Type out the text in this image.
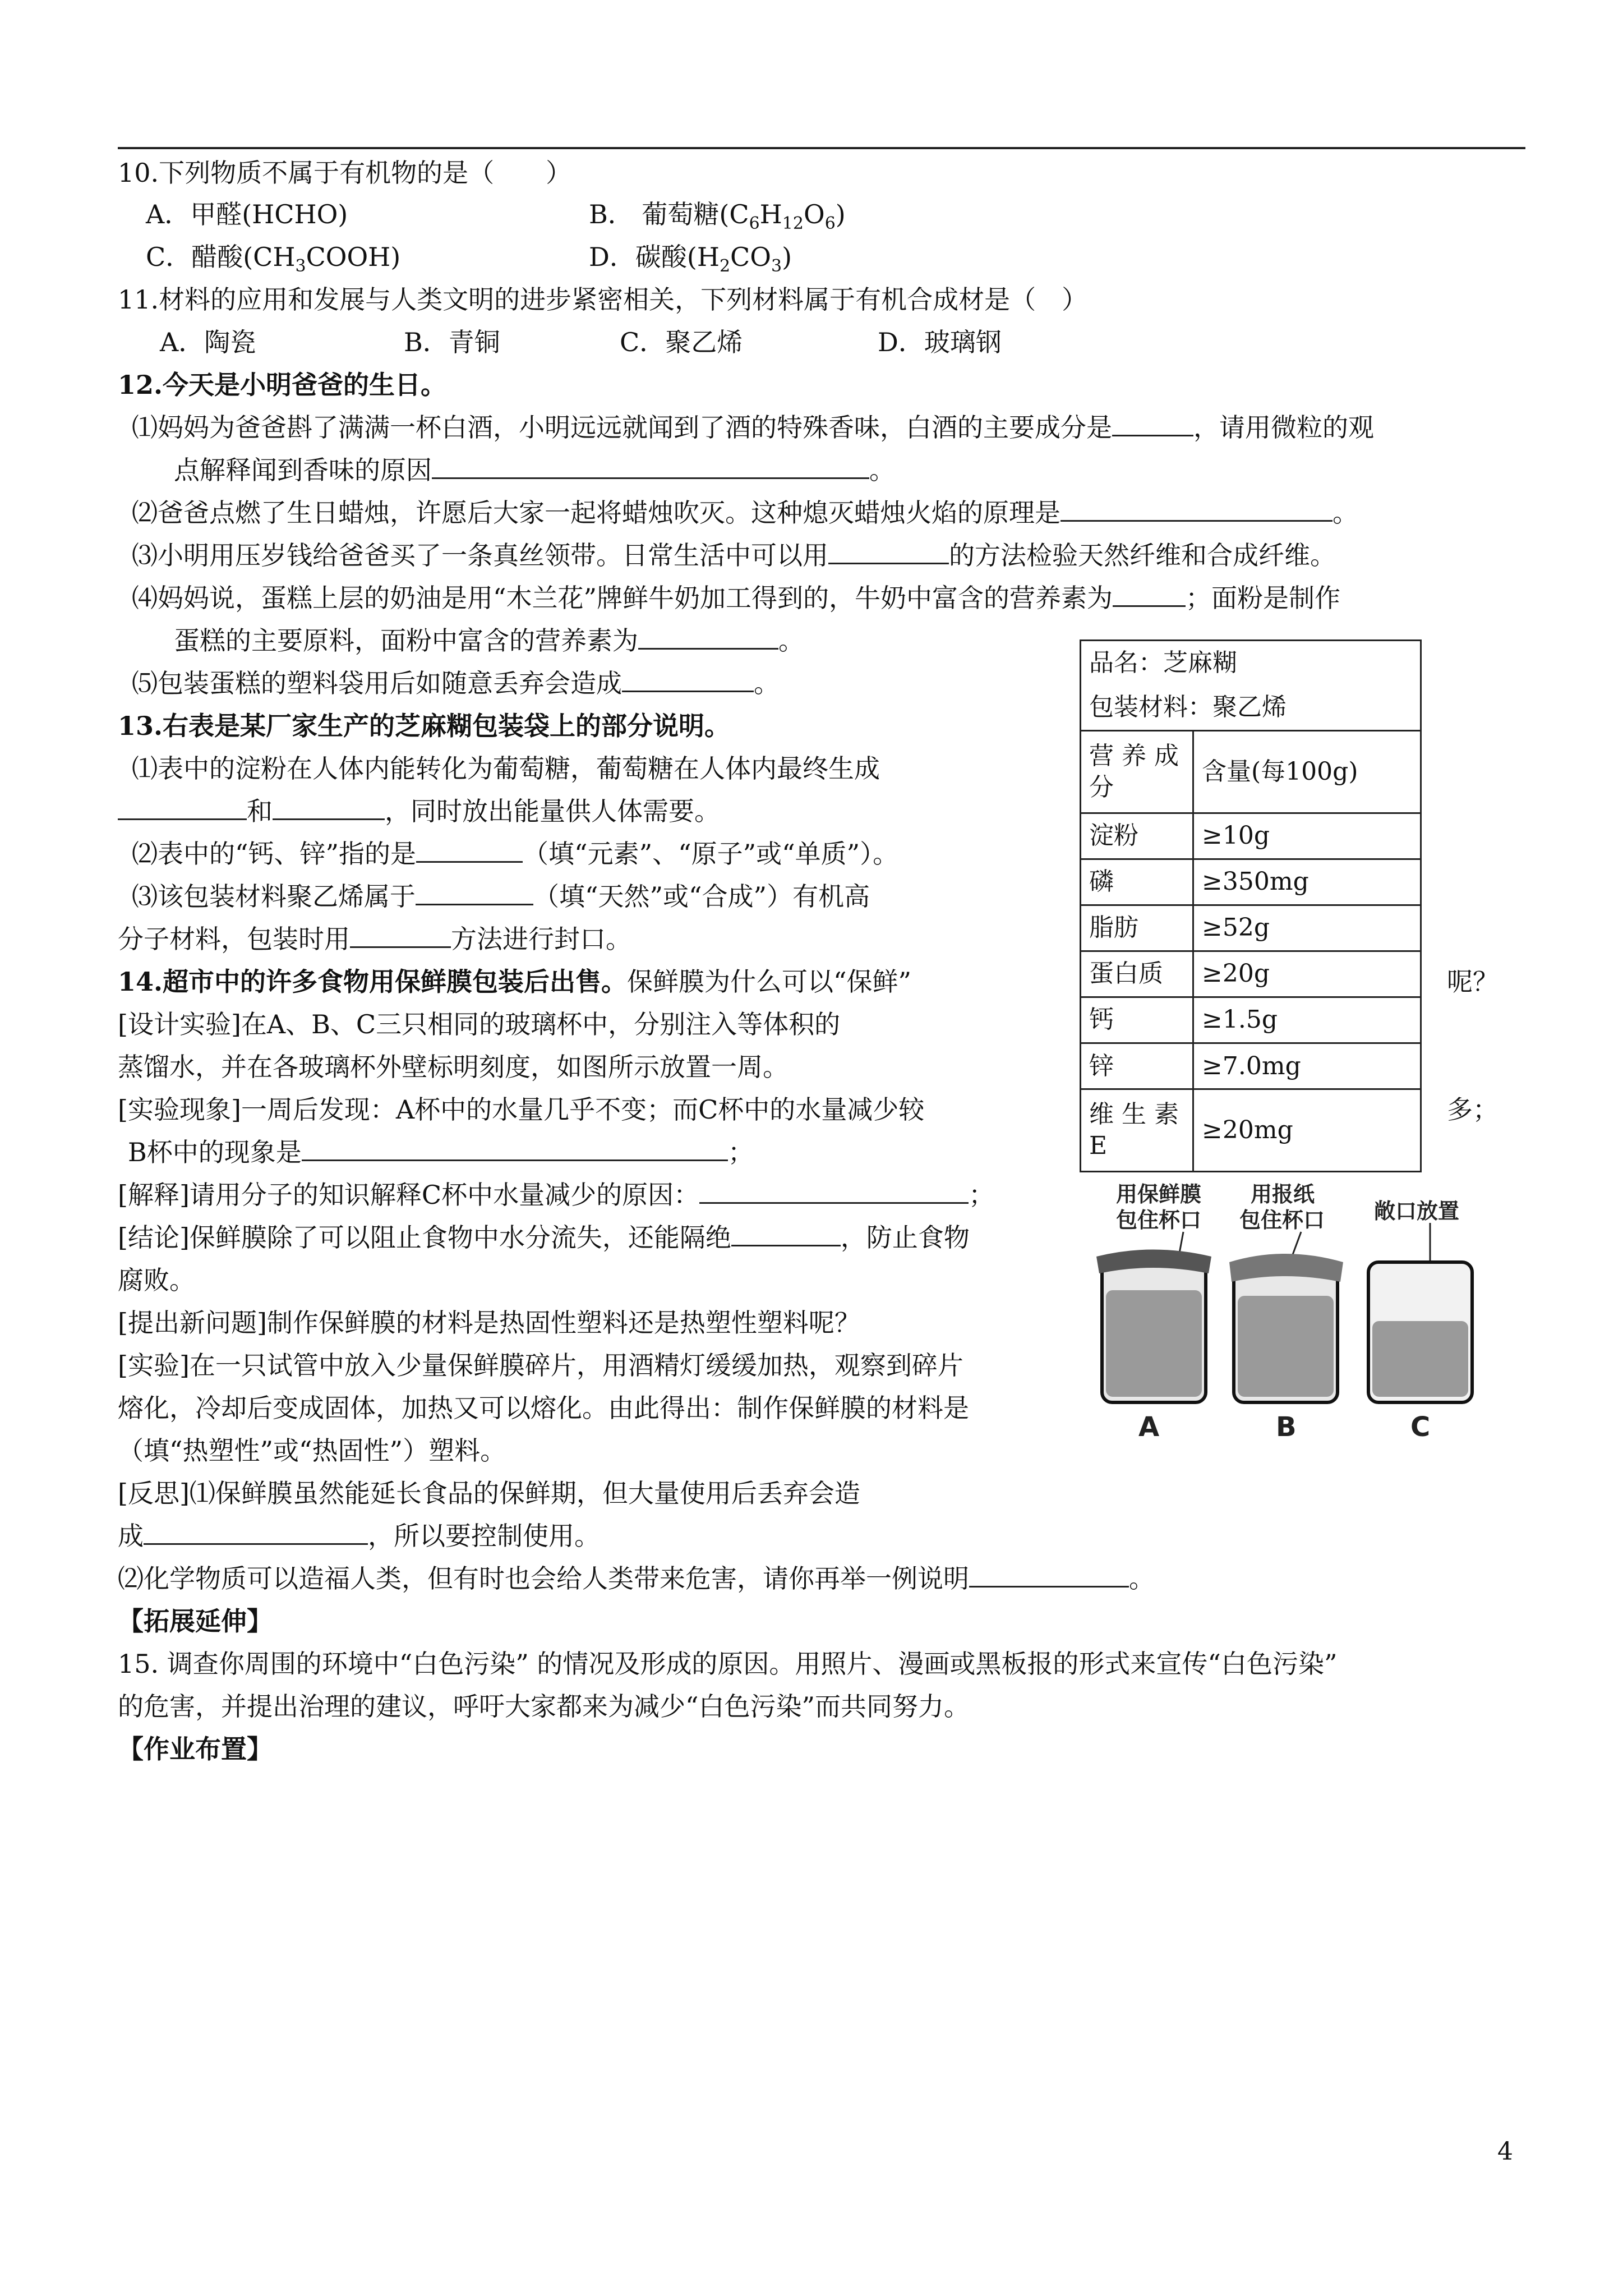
10.下列物质不属于有机物的是（　　）
A．甲醛(HCHO)	B． 葡萄糖$(C_6H_{12}O_6)$
C．醋酸$(CH_3COOH)$	D．碳酸$(H_2CO_3)$
11.材料的应用和发展与人类文明的进步紧密相关，下列材料属于有机合成材是（　）
A．陶瓷	B．青铜	C．聚乙烯	D．玻璃钢
12.今天是小明爸爸的生日。
⑴妈妈为爸爸斟了满满一杯白酒，小明远远就闻到了酒的特殊香味，白酒的主要成分是	，请用微粒的观
点解释闻到香味的原因	。
⑵爸爸点燃了生日蜡烛，许愿后大家一起将蜡烛吹灭。这种熄灭蜡烛火焰的原理是	。
⑶小明用压岁钱给爸爸买了一条真丝领带。日常生活中可以用	的方法检验天然纤维和合成纤维。
⑷妈妈说，蛋糕上层的奶油是用“木兰花”牌鲜牛奶加工得到的，牛奶中富含的营养素为	；面粉是制作
蛋糕的主要原料，面粉中富含的营养素为	。
⑸包装蛋糕的塑料袋用后如随意丢弃会造成	。
13.右表是某厂家生产的芝麻糊包装袋上的部分说明。
⑴表中的淀粉在人体内能转化为葡萄糖，葡萄糖在人体内最终生成
和	，同时放出能量供人体需要。
⑵表中的“钙、锌”指的是	（填“元素”、“原子”或“单质”）。
⑶该包装材料聚乙烯属于	（填“天然”或“合成”）有机高
分子材料，包装时用	方法进行封口。
品名：芝麻糊	
包装材料：聚乙烯	
营 养 成 分	含量(每100g)
淀粉	≥10g
磷	≥350mg
脂肪	≥52g
蛋白质	≥20g
钙	≥1.5g
锌	≥7.0mg
维 生 素 E	≥20mg
14.超市中的许多食物用保鲜膜包装后出售。保鲜膜为什么可以“保鲜”	呢？
[设计实验]在A、B、C三只相同的玻璃杯中，分别注入等体积的
蒸馏水，并在各玻璃杯外壁标明刻度，如图所示放置一周。
[实验现象]一周后发现：A杯中的水量几乎不变；而C杯中的水量减少较	多；
B杯中的现象是	；
[解释]请用分子的知识解释C杯中水量减少的原因：	；
[结论]保鲜膜除了可以阻止食物中水分流失，还能隔绝	，防止食物
腐败。
[提出新问题]制作保鲜膜的材料是热固性塑料还是热塑性塑料呢？
[实验]在一只试管中放入少量保鲜膜碎片，用酒精灯缓缓加热，观察到碎片
熔化，冷却后变成固体，加热又可以熔化。由此得出：制作保鲜膜的材料是
（填“热塑性”或“热固性”）塑料。
[反思]⑴保鲜膜虽然能延长食品的保鲜期，但大量使用后丢弃会造
成	，所以要控制使用。
⑵化学物质可以造福人类，但有时也会给人类带来危害，请你再举一例说明	。
用保鲜膜
包住杯口
用报纸
包住杯口 敞口放置
A	B	C
【拓展延伸】
15. 调查你周围的环境中“白色污染” 的情况及形成的原因。用照片、漫画或黑板报的形式来宣传“白色污染”
的危害，并提出治理的建议，呼吁大家都来为减少“白色污染”而共同努力。
【作业布置】
4
